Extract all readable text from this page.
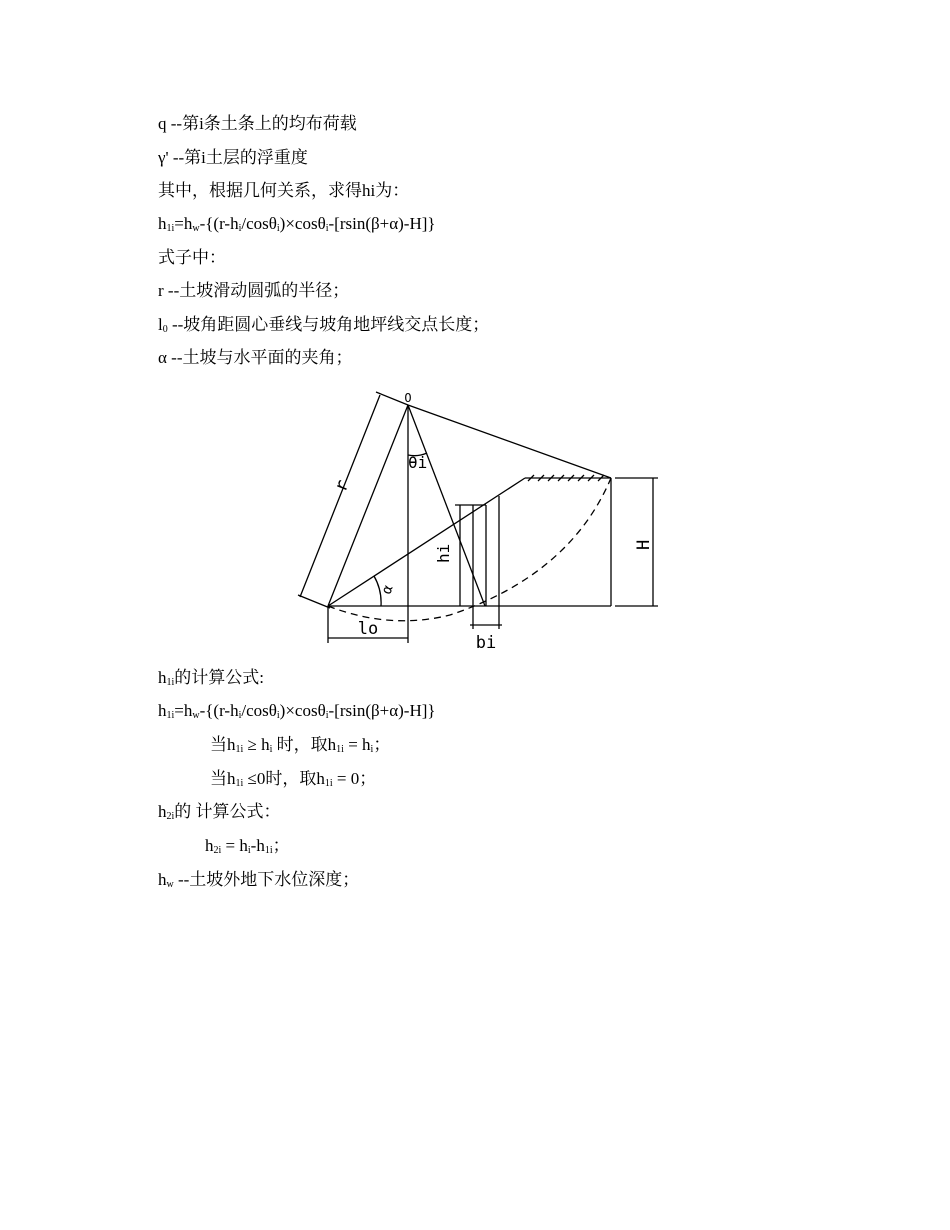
q --第i条土条上的均布荷载
γ' --第i土层的浮重度
其中，根据几何关系，求得hi为：
$h_{1i}=h_w-\{(r-h_i/\cos\theta_i)\times\cos\theta_i-[rsin(\beta+\alpha)-H]\}$
式子中：
r --土坡滑动圆弧的半径；
$l_0$ --坡角距圆心垂线与坡角地坪线交点长度；
α --土坡与水平面的夹角；
O
θi
r
hi	H
α
lo
bi
$h_{1i}$的计算公式:
$h_{1i}=h_w-\{(r-h_i/\cos\theta_i)\times\cos\theta_i-[rsin(\beta+\alpha)-H]\}$
当$h_{1i} \ge h_i$ 时，取$h_{1i} = h_i$；
当$h_{1i} \le 0$时，取$h_{1i} = 0$；
$h_{2i}$的 计算公式：
$h_{2i} = h_i-h_{1i}$；
$h_w$ --土坡外地下水位深度；
